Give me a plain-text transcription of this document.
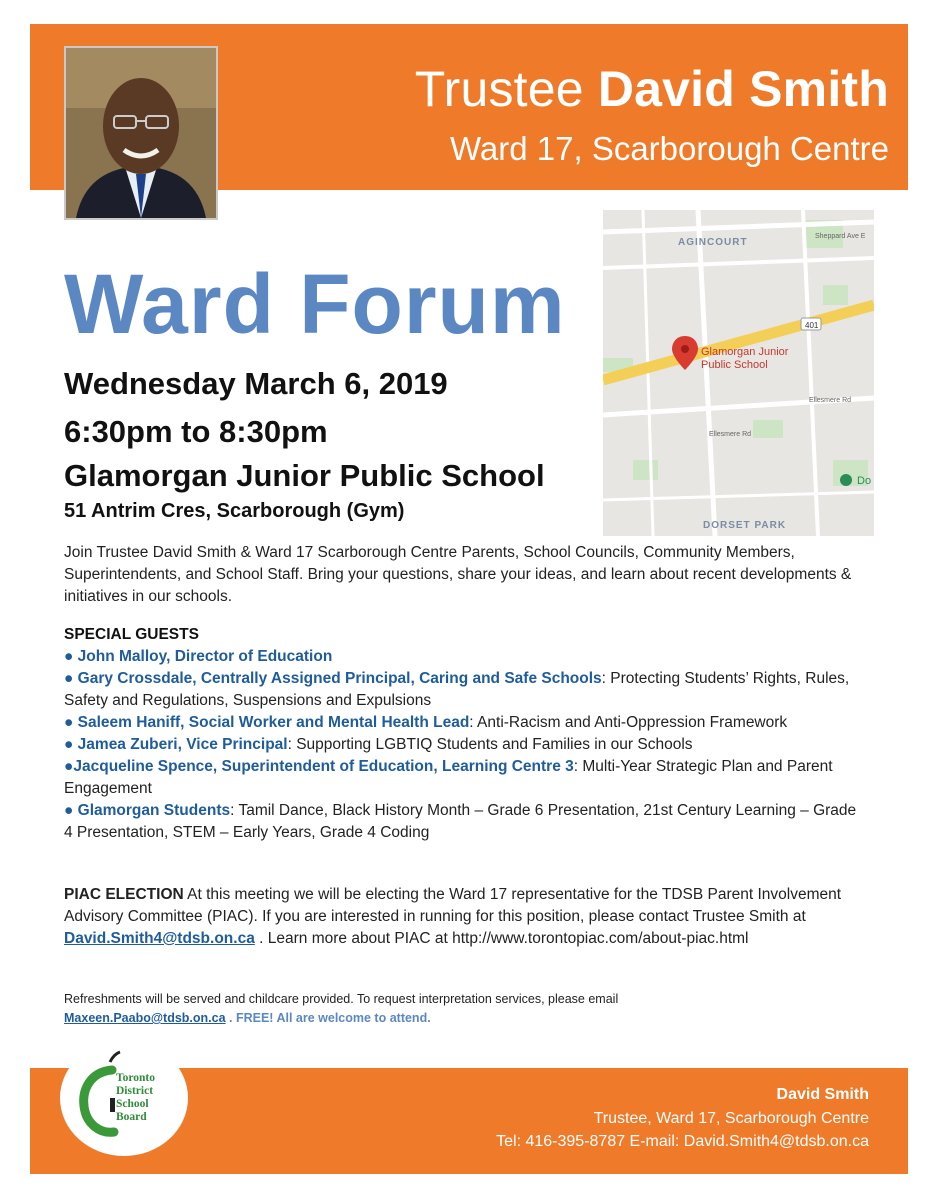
Trustee David Smith
Ward 17, Scarborough Centre
401
AGINCOURT
Sheppard Ave E
Ellesmere Rd
Ellesmere Rd
DORSET PARK
Do
Glamorgan Junior
Public School
Ward Forum
Wednesday March 6, 2019
6:30pm to 8:30pm
Glamorgan Junior Public School
51 Antrim Cres, Scarborough (Gym)
Join Trustee David Smith & Ward 17 Scarborough Centre Parents, School Councils, Community Members, Superintendents, and School Staff. Bring your questions, share your ideas, and learn about recent developments & initiatives in our schools.
SPECIAL GUESTS
● John Malloy, Director of Education
● Gary Crossdale, Centrally Assigned Principal, Caring and Safe Schools: Protecting Students’ Rights, Rules, Safety and Regulations, Suspensions and Expulsions
● Saleem Haniff, Social Worker and Mental Health Lead: Anti-Racism and Anti-Oppression Framework
● Jamea Zuberi, Vice Principal: Supporting LGBTIQ Students and Families in our Schools
●Jacqueline Spence, Superintendent of Education, Learning Centre 3: Multi-Year Strategic Plan and Parent Engagement
● Glamorgan Students: Tamil Dance, Black History Month – Grade 6 Presentation, 21st Century Learning – Grade 4 Presentation, STEM – Early Years, Grade 4 Coding
PIAC ELECTION At this meeting we will be electing the Ward 17 representative for the TDSB Parent Involvement Advisory Committee (PIAC). If you are interested in running for this position, please contact Trustee Smith at David.Smith4@tdsb.on.ca . Learn more about PIAC at http://www.torontopiac.com/about-piac.html
Refreshments will be served and childcare provided. To request interpretation services, please email
Maxeen.Paabo@tdsb.on.ca . FREE! All are welcome to attend.
Toronto
District
School
Board
David Smith
Trustee, Ward 17, Scarborough Centre
Tel: 416-395-8787 E-mail: David.Smith4@tdsb.on.ca
